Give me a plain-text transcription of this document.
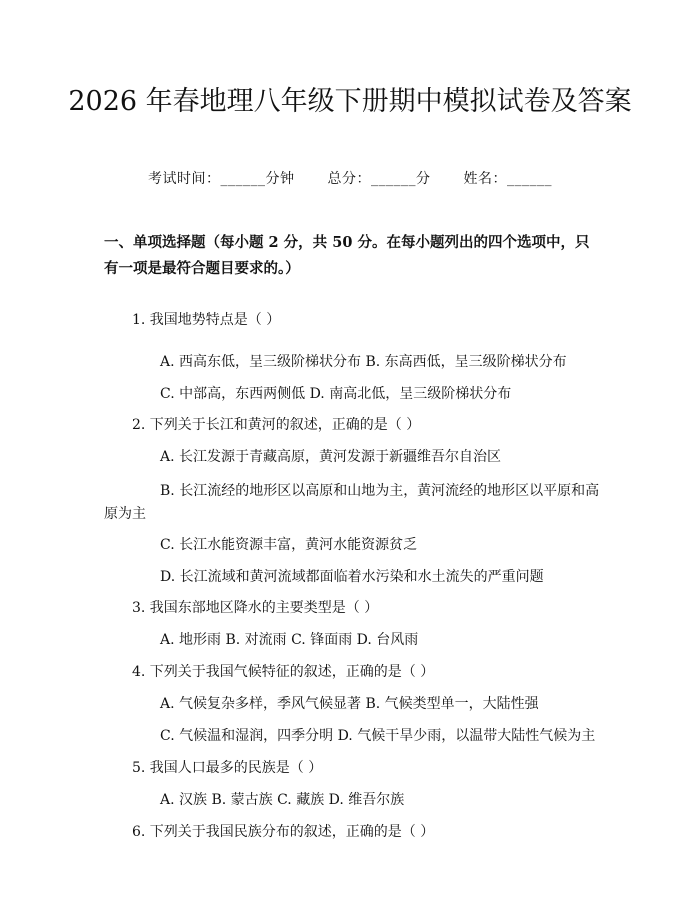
2026 年春地理八年级下册期中模拟试卷及答案
考试时间：______分钟 总分：______分 姓名：______
一、单项选择题（每小题 2 分，共 50 分。在每小题列出的四个选项中，只有一项是最符合题目要求的。）
1. 我国地势特点是（ ）
A. 西高东低，呈三级阶梯状分布 B. 东高西低，呈三级阶梯状分布
C. 中部高，东西两侧低 D. 南高北低，呈三级阶梯状分布
2. 下列关于长江和黄河的叙述，正确的是（ ）
A. 长江发源于青藏高原，黄河发源于新疆维吾尔自治区
B. 长江流经的地形区以高原和山地为主，黄河流经的地形区以平原和高
原为主
C. 长江水能资源丰富，黄河水能资源贫乏
D. 长江流域和黄河流域都面临着水污染和水土流失的严重问题
3. 我国东部地区降水的主要类型是（ ）
A. 地形雨 B. 对流雨 C. 锋面雨 D. 台风雨
4. 下列关于我国气候特征的叙述，正确的是（ ）
A. 气候复杂多样，季风气候显著 B. 气候类型单一，大陆性强
C. 气候温和湿润，四季分明 D. 气候干旱少雨，以温带大陆性气候为主
5. 我国人口最多的民族是（ ）
A. 汉族 B. 蒙古族 C. 藏族 D. 维吾尔族
6. 下列关于我国民族分布的叙述，正确的是（ ）
